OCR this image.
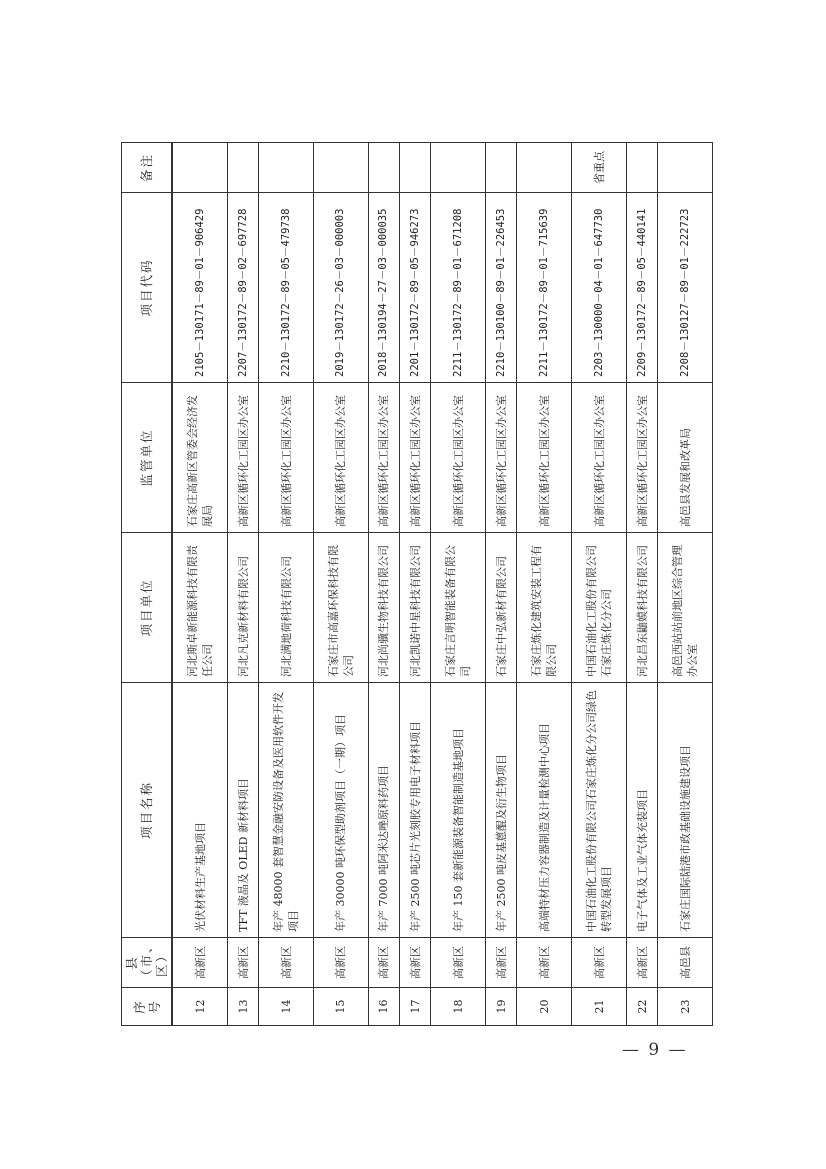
序号	县（市、区）	项目名称	项目单位	监管单位	项目代码	备注
12	高新区	光伏材料生产基地项目	河北斯卓新能源科技有限责任公司	石家庄高新区管委会经济发展局	2105－130171－89－01－906429	
13	高新区	TFT 液晶及 OLED 新材料项目	河北凡克新材料有限公司	高新区循环化工园区办公室	2207－130172－89－02－697728	
14	高新区	年产 48000 套智慧金融安防设备及医用软件开发项目	河北满地荷科技有限公司	高新区循环化工园区办公室	2210－130172－89－05－479738	
15	高新区	年产 30000 吨环保型助剂项目（一期）项目	石家庄市高嘉环保科技有限公司	高新区循环化工园区办公室	2019－130172－26－03－000003	
16	高新区	年产 7000 吨阿米达唑原料药项目	河北尚骥生物科技有限公司	高新区循环化工园区办公室	2018－130194－27－03－000035	
17	高新区	年产 2500 吨芯片光刻胶专用电子材料项目	河北凯诺中星科技有限公司	高新区循环化工园区办公室	2201－130172－89－05－946273	
18	高新区	年产 150 套新能源装备智能制造基地项目	石家庄言明智能装备有限公司	高新区循环化工园区办公室	2211－130172－89－01－671208	
19	高新区	年产 2500 吨皮基蒽醌及衍生物项目	石家庄中弘新材有限公司	高新区循环化工园区办公室	2210－130100－89－01－226453	
20	高新区	高端特材压力容器制造及计量检测中心项目	石家庄炼化建筑安装工程有限公司	高新区循环化工园区办公室	2211－130172－89－01－715639	
21	高新区	中国石油化工股份有限公司石家庄炼化分公司绿色转型发展项目	中国石油化工股份有限公司石家庄炼化分公司	高新区循环化工园区办公室	2203－130000－04－01－647730	省重点
22	高新区	电子气体及工业气体充装项目	河北昌东鼬嫫科技有限公司	高新区循环化工园区办公室	2209－130172－89－05－440141	
23	高邑县	石家庄国际陆港市政基础设施建设项目	高邑西站站前地区综合管理办公室	高邑县发展和改革局	2208－130127－89－01－222723	
— 9 —
